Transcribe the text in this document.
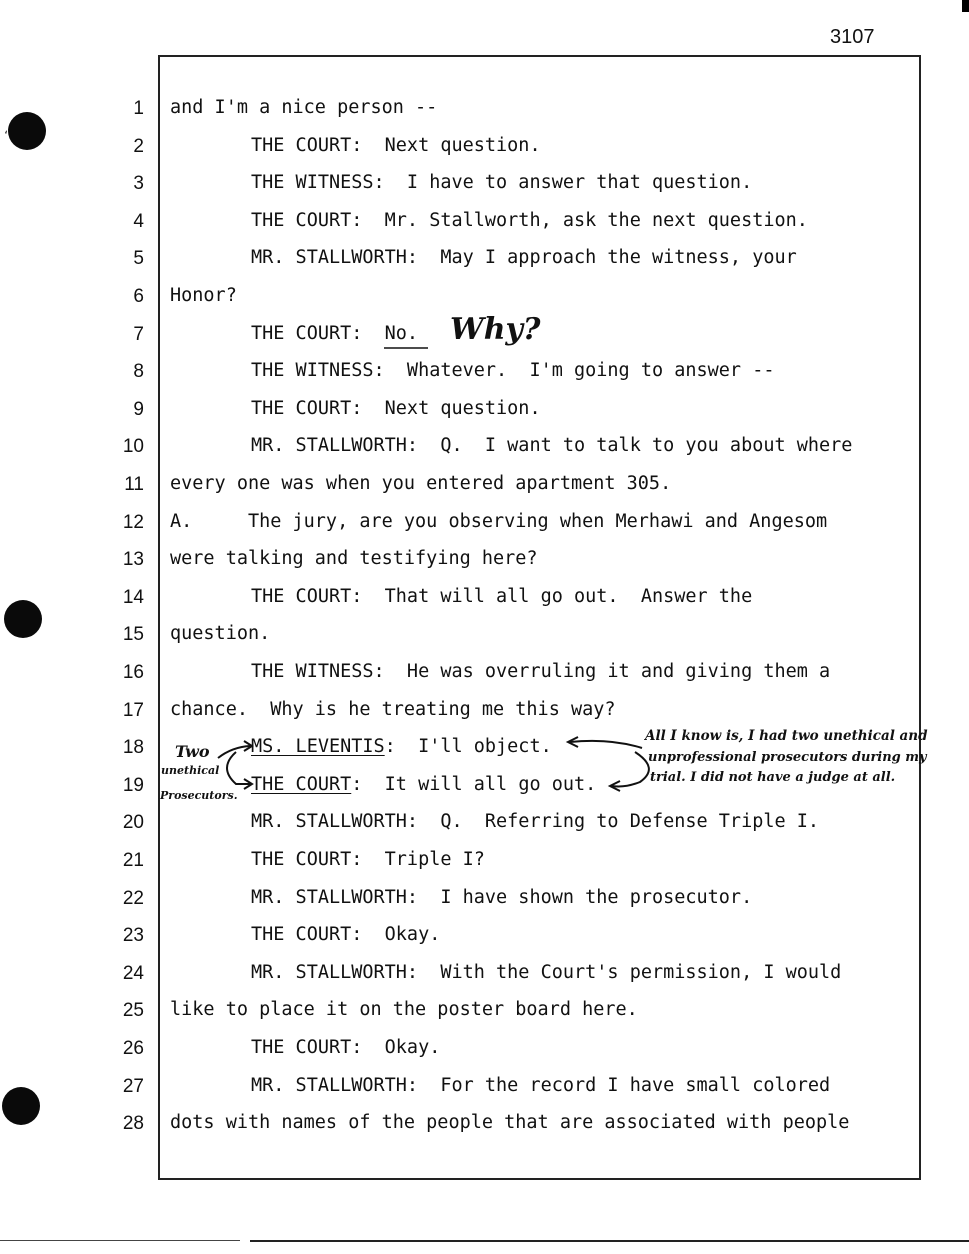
3107
ʻ
1 and I'm a nice person --
2	THE COURT:  Next question.
3	THE WITNESS:  I have to answer that question.
4	THE COURT:  Mr. Stallworth, ask the next question.
5	MR. STALLWORTH:  May I approach the witness, your
6 Honor?
7	THE COURT:  No.
8	THE WITNESS:  Whatever.  I'm going to answer --
9	THE COURT:  Next question.
10	MR. STALLWORTH:  Q.  I want to talk to you about where
11 every one was when you entered apartment 305.
12 A.     The jury, are you observing when Merhawi and Angesom
13 were talking and testifying here?
14	THE COURT:  That will all go out.  Answer the
15 question.
16	THE WITNESS:  He was overruling it and giving them a
17 chance.  Why is he treating me this way?
18	MS. LEVENTIS:  I'll object.
19	THE COURT:  It will all go out.
20	MR. STALLWORTH:  Q.  Referring to Defense Triple I.
21	THE COURT:  Triple I?
22	MR. STALLWORTH:  I have shown the prosecutor.
23	THE COURT:  Okay.
24	MR. STALLWORTH:  With the Court's permission, I would
25 like to place it on the poster board here.
26	THE COURT:  Okay.
27	MR. STALLWORTH:  For the record I have small colored
28 dots with names of the people that are associated with people
Why?
Two
unethical
Prosecutors.
All I know is, I had two unethical and
unprofessional prosecutors during my
trial. I did not have a judge at all.
